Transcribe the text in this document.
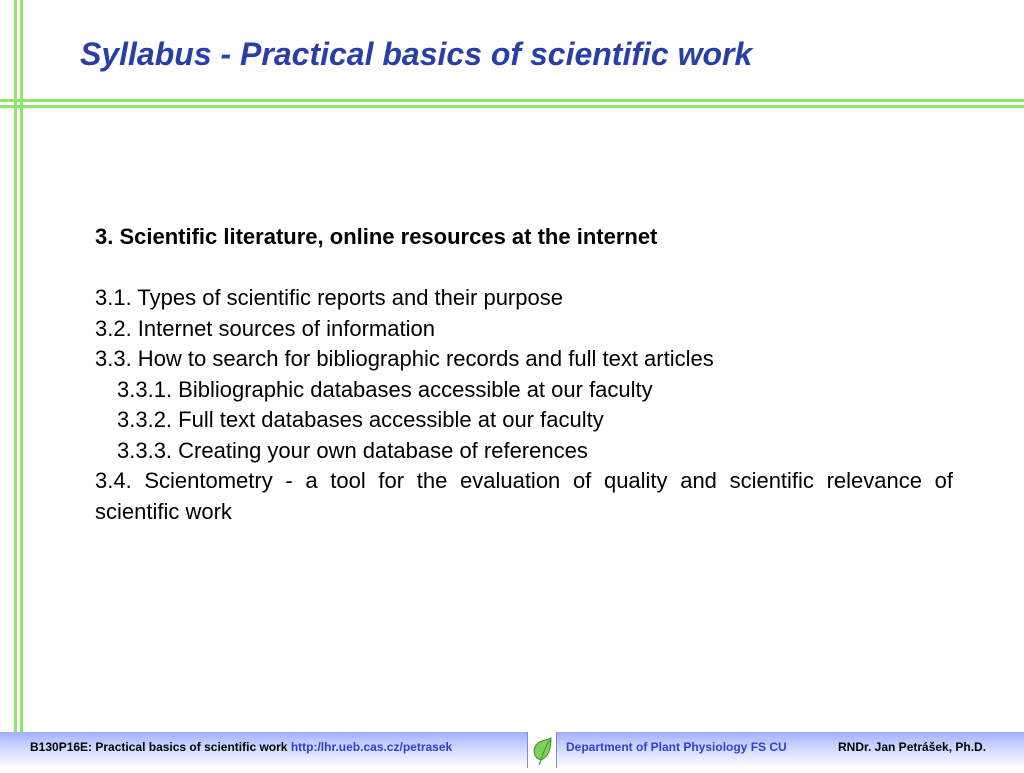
Syllabus - Practical basics of scientific work
3. Scientific literature, online resources at the internet

3.1. Types of scientific reports and their purpose

3.2. Internet sources of information

3.3. How to search for bibliographic records and full text articles

3.3.1. Bibliographic databases accessible at our faculty

3.3.2. Full text databases accessible at our faculty

3.3.3. Creating your own database of references

3.4. Scientometry - a tool for the evaluation of quality and scientific relevance of scientific work

B130P16E: Practical basics of scientific work http:/lhr.ueb.cas.cz/petrasek	Department of Plant Physiology FS CU	RNDr. Jan Petrášek, Ph.D.
